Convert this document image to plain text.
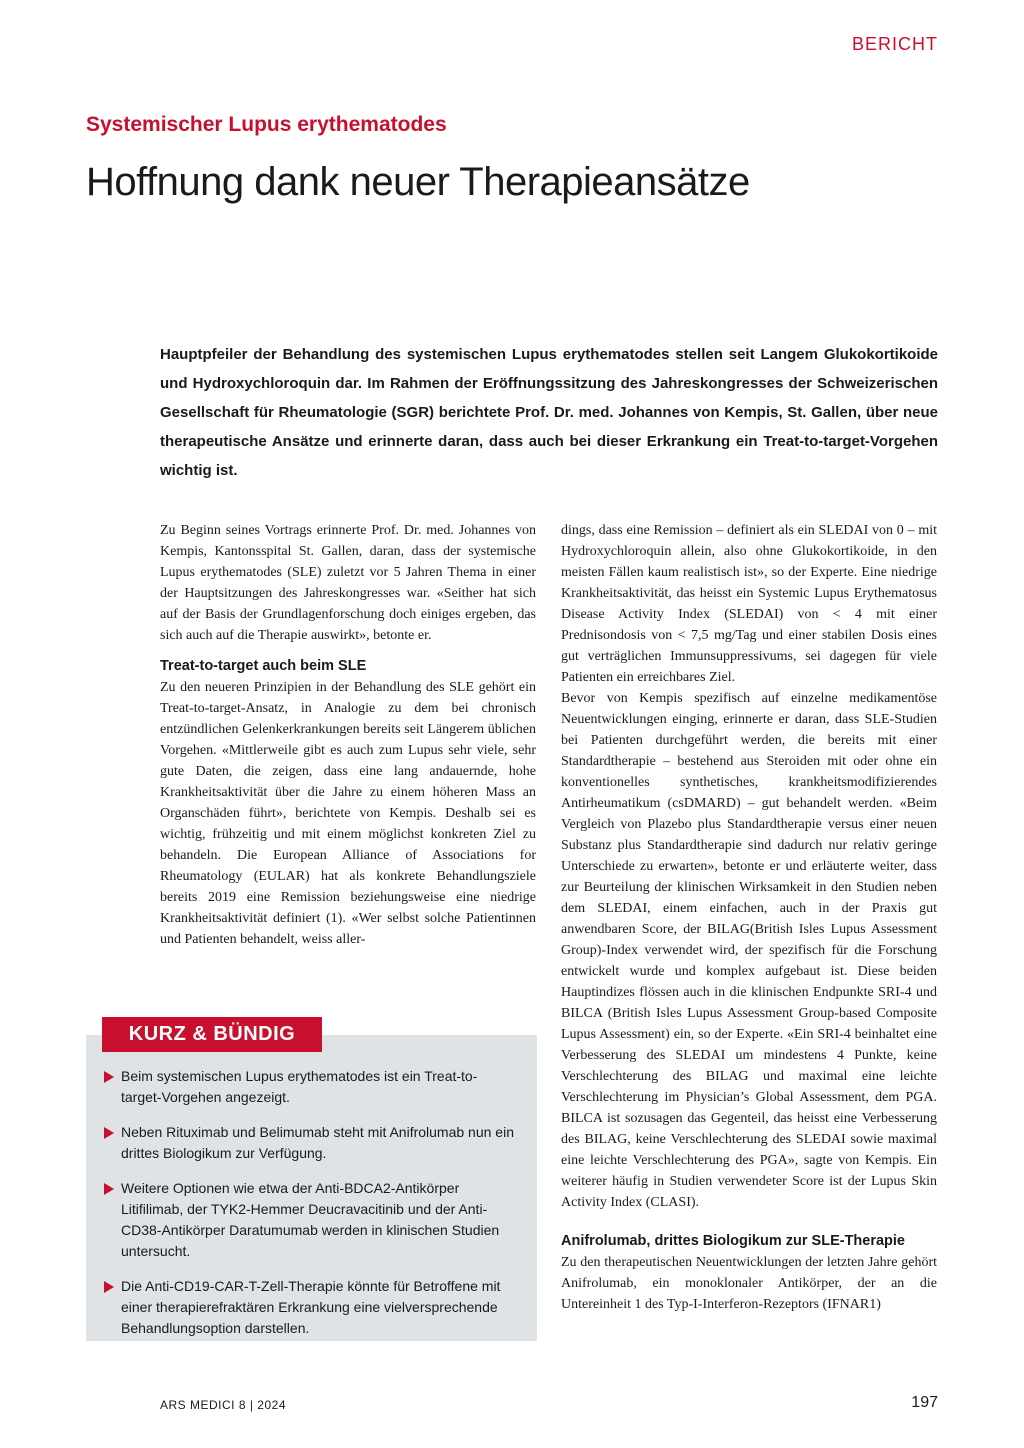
BERICHT
Systemischer Lupus erythematodes
Hoffnung dank neuer Therapieansätze

Hauptpfeiler der Behandlung des systemischen Lupus erythematodes stellen seit Langem Glukokortikoide und Hydroxychloroquin dar. Im Rahmen der Eröffnungssitzung des Jahreskongresses der Schweizerischen Gesellschaft für Rheumatologie (SGR) berichtete Prof. Dr. med. Johannes von Kempis, St. Gallen, über neue therapeutische Ansätze und erinnerte daran, dass auch bei dieser Erkrankung ein Treat-to-target-Vorgehen wichtig ist.

Zu Beginn seines Vortrags erinnerte Prof. Dr. med. Johannes von Kempis, Kantonsspital St. Gallen, daran, dass der systemische Lupus erythematodes (SLE) zuletzt vor 5 Jahren Thema in einer der Hauptsitzungen des Jahreskongresses war. «Seither hat sich auf der Basis der Grundlagenforschung doch einiges ergeben, das sich auch auf die Therapie auswirkt», betonte er.

Treat-to-target auch beim SLE

Zu den neueren Prinzipien in der Behandlung des SLE gehört ein Treat-to-target-Ansatz, in Analogie zu dem bei chronisch entzündlichen Gelenkerkrankungen bereits seit Längerem üblichen Vorgehen. «Mittlerweile gibt es auch zum Lupus sehr viele, sehr gute Daten, die zeigen, dass eine lang andauernde, hohe Krankheitsaktivität über die Jahre zu einem höheren Mass an Organschäden führt», berichtete von Kempis. Deshalb sei es wichtig, frühzeitig und mit einem möglichst konkreten Ziel zu behandeln. Die European Alliance of Associations for Rheumatology (EULAR) hat als konkrete Behandlungsziele bereits 2019 eine Remission beziehungsweise eine niedrige Krankheitsaktivität definiert (1). «Wer selbst solche Patientinnen und Patienten behandelt, weiss aller-

dings, dass eine Remission – definiert als ein SLEDAI von 0 – mit Hydroxychloroquin allein, also ohne Glukokortikoide, in den meisten Fällen kaum realistisch ist», so der Experte. Eine niedrige Krankheitsaktivität, das heisst ein Systemic Lupus Erythematosus Disease Activity Index (SLEDAI) von < 4 mit einer Prednisondosis von < 7,5 mg/Tag und einer stabilen Dosis eines gut verträglichen Immunsuppressivums, sei dagegen für viele Patienten ein erreichbares Ziel.

Bevor von Kempis spezifisch auf einzelne medikamentöse Neuentwicklungen einging, erinnerte er daran, dass SLE-Studien bei Patienten durchgeführt werden, die bereits mit einer Standardtherapie – bestehend aus Steroiden mit oder ohne ein konventionelles synthetisches, krankheitsmodifizierendes Antirheumatikum (csDMARD) – gut behandelt werden. «Beim Vergleich von Plazebo plus Standardtherapie versus einer neuen Substanz plus Standardtherapie sind dadurch nur relativ geringe Unterschiede zu erwarten», betonte er und erläuterte weiter, dass zur Beurteilung der klinischen Wirksamkeit in den Studien neben dem SLEDAI, einem einfachen, auch in der Praxis gut anwendbaren Score, der BILAG(British Isles Lupus Assessment Group)-Index verwendet wird, der spezifisch für die Forschung entwickelt wurde und komplex aufgebaut ist. Diese beiden Hauptindizes flössen auch in die klinischen Endpunkte SRI-4 und BILCA (British Isles Lupus Assessment Group-based Composite Lupus Assessment) ein, so der Experte. «Ein SRI-4 beinhaltet eine Verbesserung des SLEDAI um mindestens 4 Punkte, keine Verschlechterung des BILAG und maximal eine leichte Verschlechterung im Physician’s Global Assessment, dem PGA. BILCA ist sozusagen das Gegenteil, das heisst eine Verbesserung des BILAG, keine Verschlechterung des SLEDAI sowie maximal eine leichte Verschlechterung des PGA», sagte von Kempis. Ein weiterer häufig in Studien verwendeter Score ist der Lupus Skin Activity Index (CLASI).

Anifrolumab, drittes Biologikum zur SLE-Therapie

Zu den therapeutischen Neuentwicklungen der letzten Jahre gehört Anifrolumab, ein monoklonaler Antikörper, der an die Untereinheit 1 des Typ-I-Interferon-Rezeptors (IFNAR1)

KURZ & BÜNDIG
Beim systemischen Lupus erythematodes ist ein Treat-to-target-Vorgehen angezeigt.
Neben Rituximab und Belimumab steht mit Anifrolumab nun ein drittes Biologikum zur Verfügung.
Weitere Optionen wie etwa der Anti-BDCA2-Antikörper Litifilimab, der TYK2-Hemmer Deucravacitinib und der Anti-CD38-Antikörper Daratumumab werden in klinischen Studien untersucht.
Die Anti-CD19-CAR-T-Zell-Therapie könnte für Betroffene mit einer therapierefraktären Erkrankung eine vielversprechende Behandlungsoption darstellen.
ARS MEDICI 8 | 2024	197
